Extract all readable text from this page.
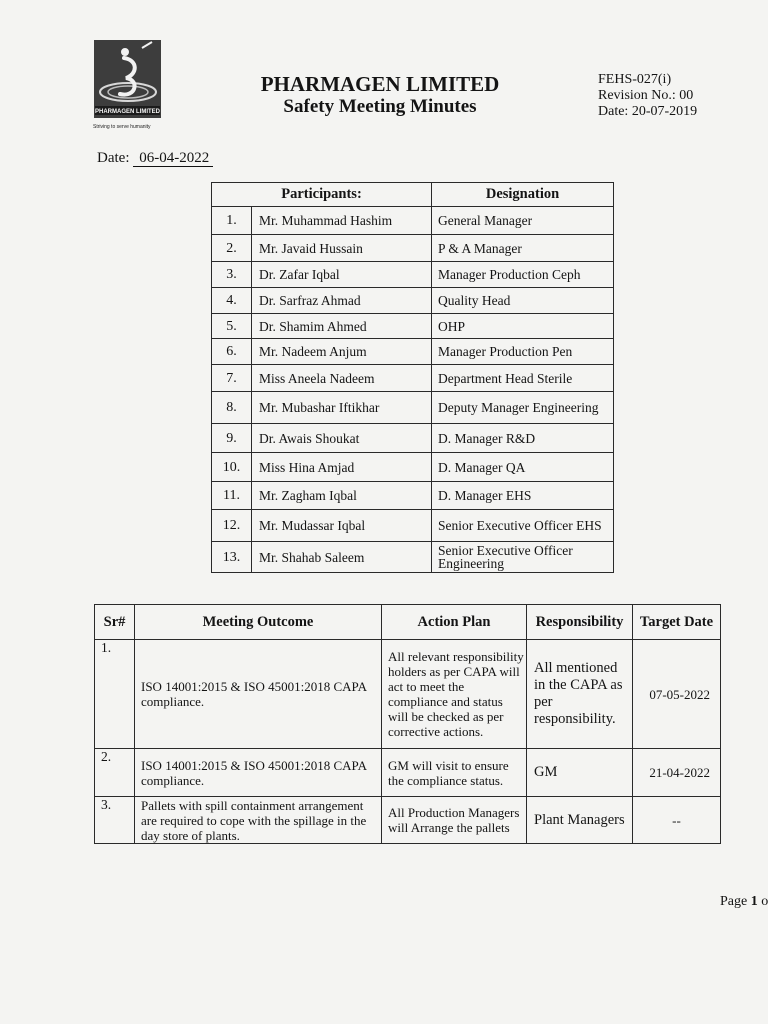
PHARMAGEN LIMITED
Striving to serve humanity
PHARMAGEN LIMITED
Safety Meeting Minutes
FEHS-027(i)
Revision No.: 00
Date: 20-07-2019
Date: 06-04-2022
Participants:		Designation
1.	Mr. Muhammad Hashim	General Manager
2.	Mr. Javaid Hussain	P & A Manager
3.	Dr. Zafar Iqbal	Manager Production Ceph
4.	Dr. Sarfraz Ahmad	Quality Head
5.	Dr. Shamim Ahmed	OHP
6.	Mr. Nadeem Anjum	Manager Production Pen
7.	Miss Aneela Nadeem	Department Head Sterile
8.	Mr. Mubashar Iftikhar	Deputy Manager Engineering
9.	Dr. Awais Shoukat	D. Manager R&D
10.	Miss Hina Amjad	D. Manager QA
11.	Mr. Zagham Iqbal	D. Manager EHS
12.	Mr. Mudassar Iqbal	Senior Executive Officer EHS
13.	Mr. Shahab Saleem	Senior Executive Officer Engineering
Sr#	Meeting Outcome	Action Plan	Responsibility	Target Date
1.	ISO 14001:2015 & ISO 45001:2018 CAPA compliance.	All relevant responsibility holders as per CAPA will act to meet the compliance and status will be checked as per corrective actions.	All mentioned in the CAPA as per responsibility.	07-05-2022
2.	ISO 14001:2015 & ISO 45001:2018 CAPA compliance.	GM will visit to ensure the compliance status.	GM	21-04-2022
3.	Pallets with spill containment arrangement are required to cope with the spillage in the day store of plants.	All Production Managers will Arrange the pallets	Plant Managers	--
Page 1 o
